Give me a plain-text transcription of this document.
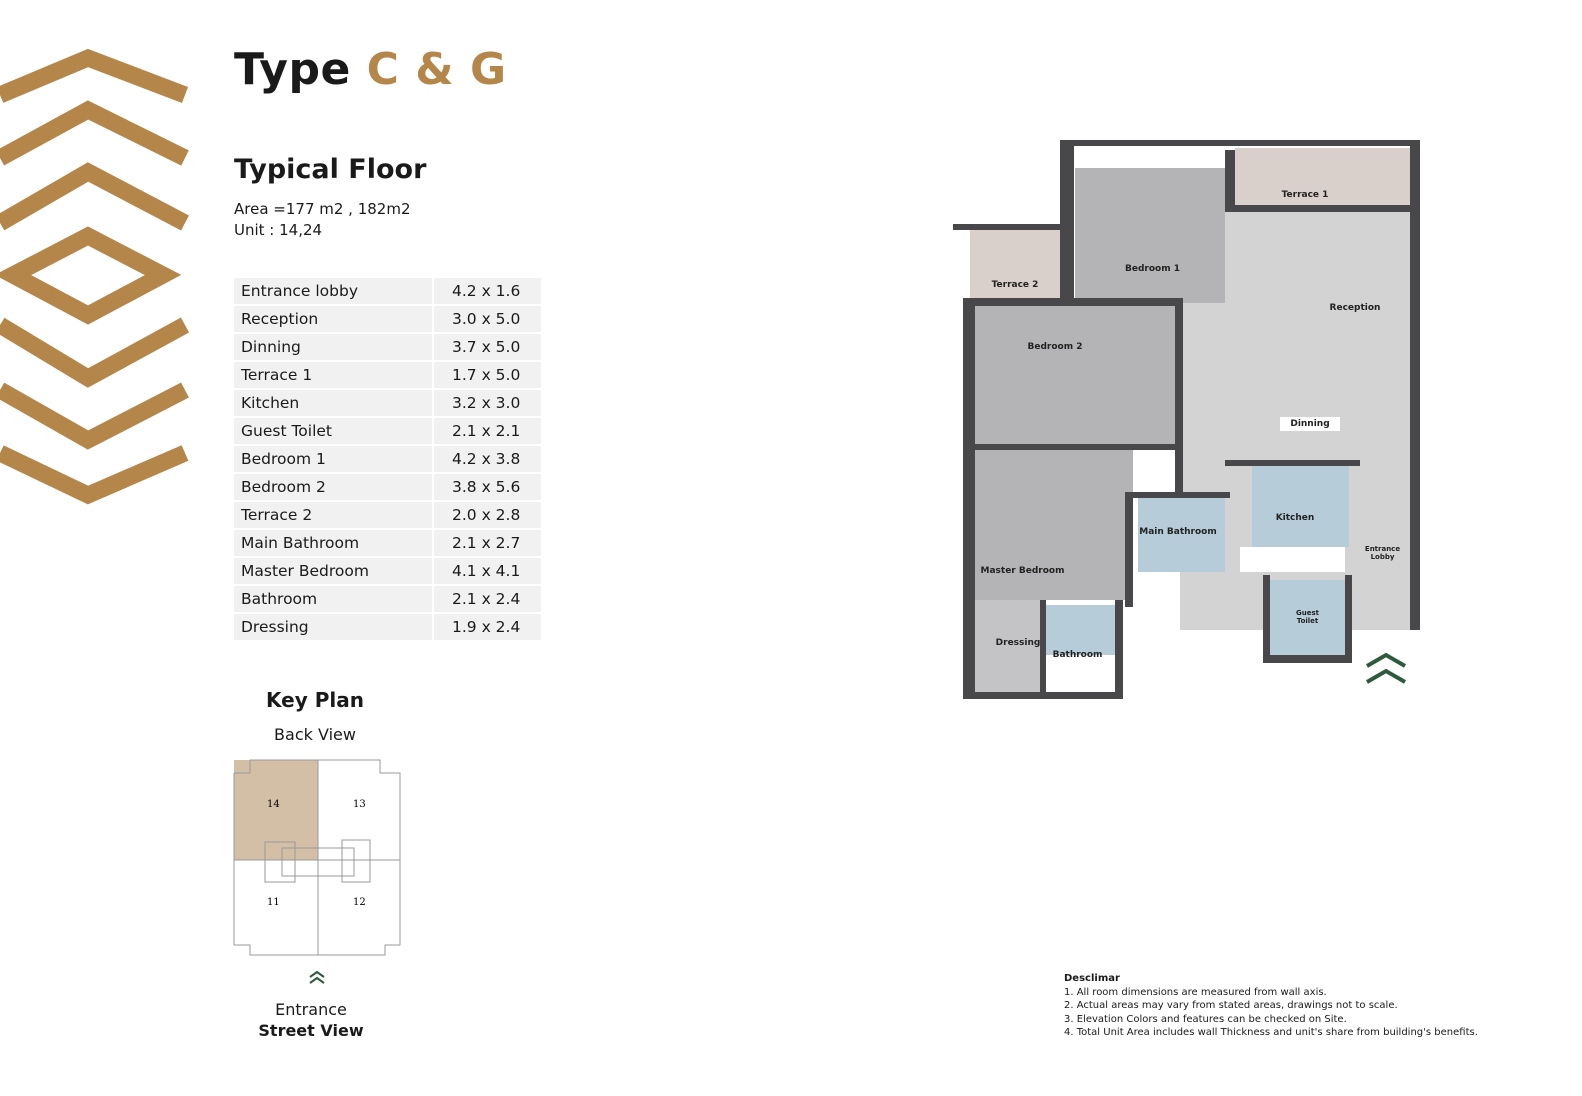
Type C & G
Typical Floor
Area =177 m2 , 182m2
Unit : 14,24
Entrance lobby	4.2 x 1.6
Reception	3.0 x 5.0
Dinning	3.7 x 5.0
Terrace 1	1.7 x 5.0
Kitchen	3.2 x 3.0
Guest Toilet	2.1 x 2.1
Bedroom 1	4.2 x 3.8
Bedroom 2	3.8 x 5.6
Terrace 2	2.0 x 2.8
Main Bathroom	2.1 x 2.7
Master Bedroom	4.1 x 4.1
Bathroom	2.1 x 2.4
Dressing	1.9 x 2.4
Key Plan
Back View
14	13
11	12
Entrance
Street View
Terrace 1
Terrace 2
Bedroom 1
Bedroom 2
Reception
Dinning
Kitchen
Main Bathroom
Master Bedroom
Entrance Lobby
Guest Toilet
Dressing
Bathroom
Desclimar
1. All room dimensions are measured from wall axis.
2. Actual areas may vary from stated areas, drawings not to scale.
3. Elevation Colors and features can be checked on Site.
4. Total Unit Area includes wall Thickness and unit's share from building's benefits.
